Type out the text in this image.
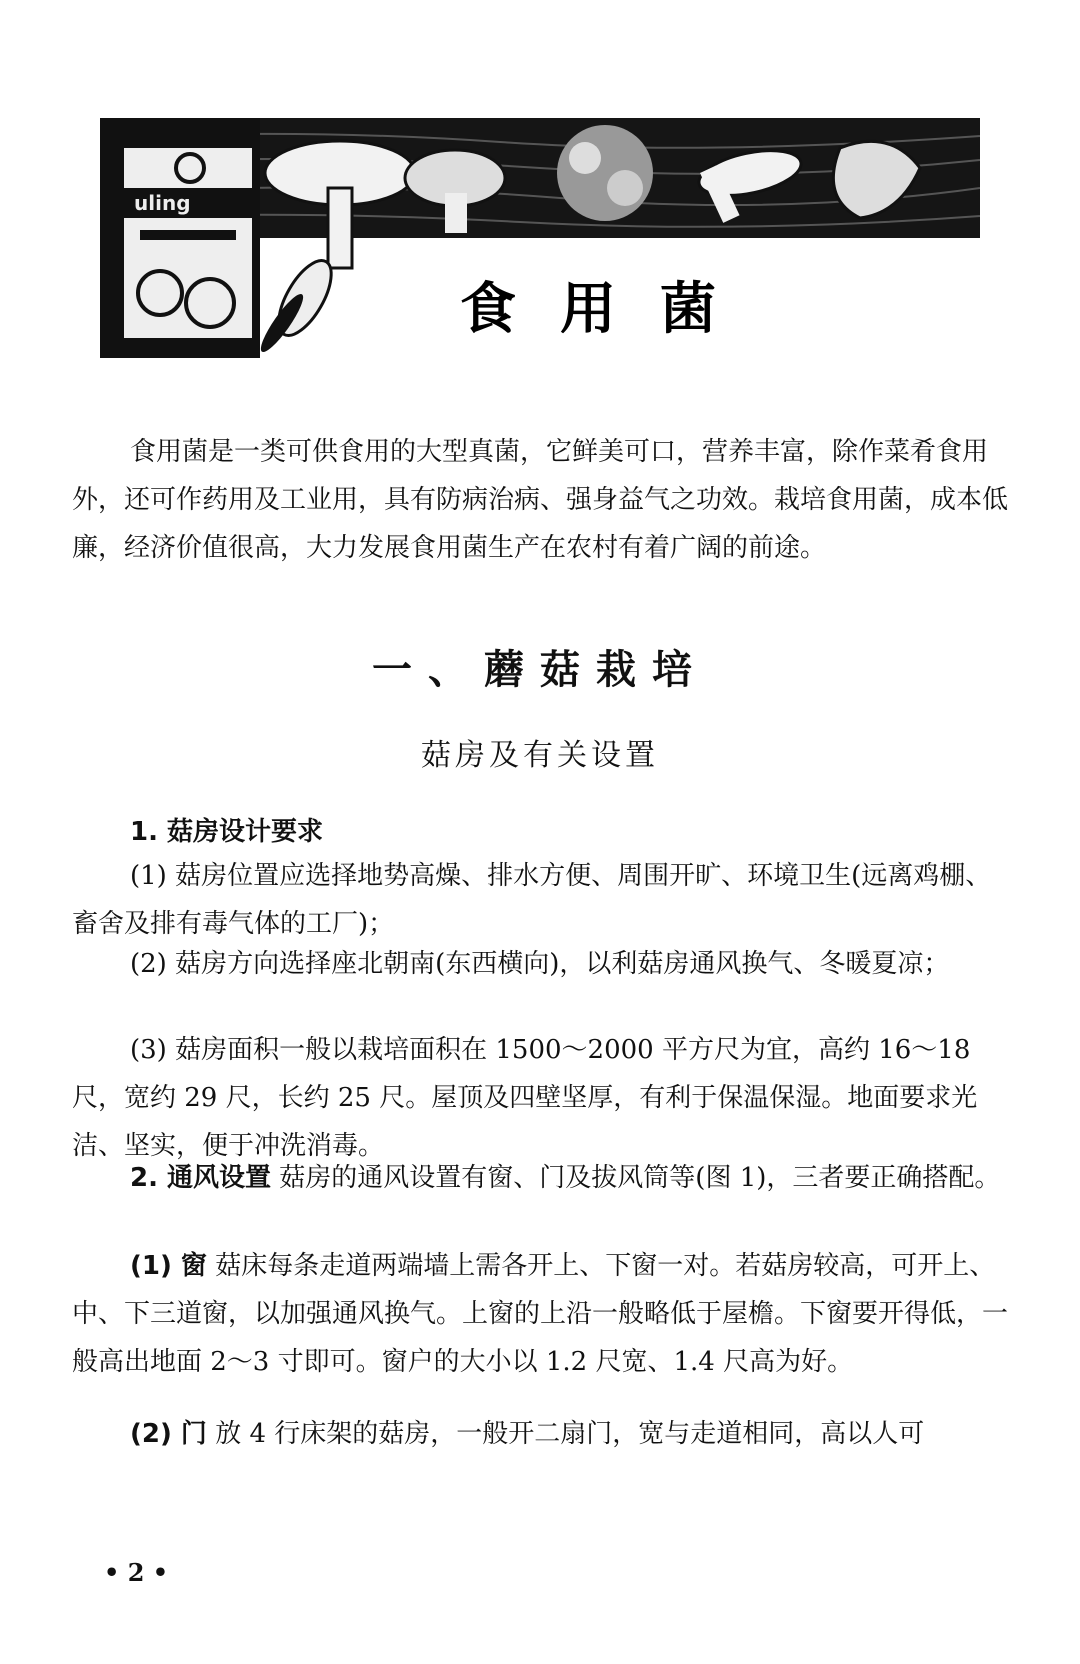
uling
食用菌
食用菌是一类可供食用的大型真菌，它鲜美可口，营养丰富，除作菜肴食用外，还可作药用及工业用，具有防病治病、强身益气之功效。栽培食用菌，成本低廉，经济价值很高，大力发展食用菌生产在农村有着广阔的前途。
一、蘑菇栽培
菇房及有关设置
1. 菇房设计要求
(1) 菇房位置应选择地势高燥、排水方便、周围开旷、环境卫生(远离鸡棚、畜舍及排有毒气体的工厂)；
(2) 菇房方向选择座北朝南(东西横向)，以利菇房通风换气、冬暖夏凉；
(3) 菇房面积一般以栽培面积在 1500～2000 平方尺为宜，高约 16～18 尺，宽约 29 尺，长约 25 尺。屋顶及四壁坚厚，有利于保温保湿。地面要求光洁、坚实，便于冲洗消毒。
2. 通风设置 菇房的通风设置有窗、门及拔风筒等(图 1)，三者要正确搭配。
(1) 窗 菇床每条走道两端墙上需各开上、下窗一对。若菇房较高，可开上、中、下三道窗，以加强通风换气。上窗的上沿一般略低于屋檐。下窗要开得低，一般高出地面 2～3 寸即可。窗户的大小以 1.2 尺宽、1.4 尺高为好。
(2) 门 放 4 行床架的菇房，一般开二扇门，宽与走道相同，高以人可
• 2 •
